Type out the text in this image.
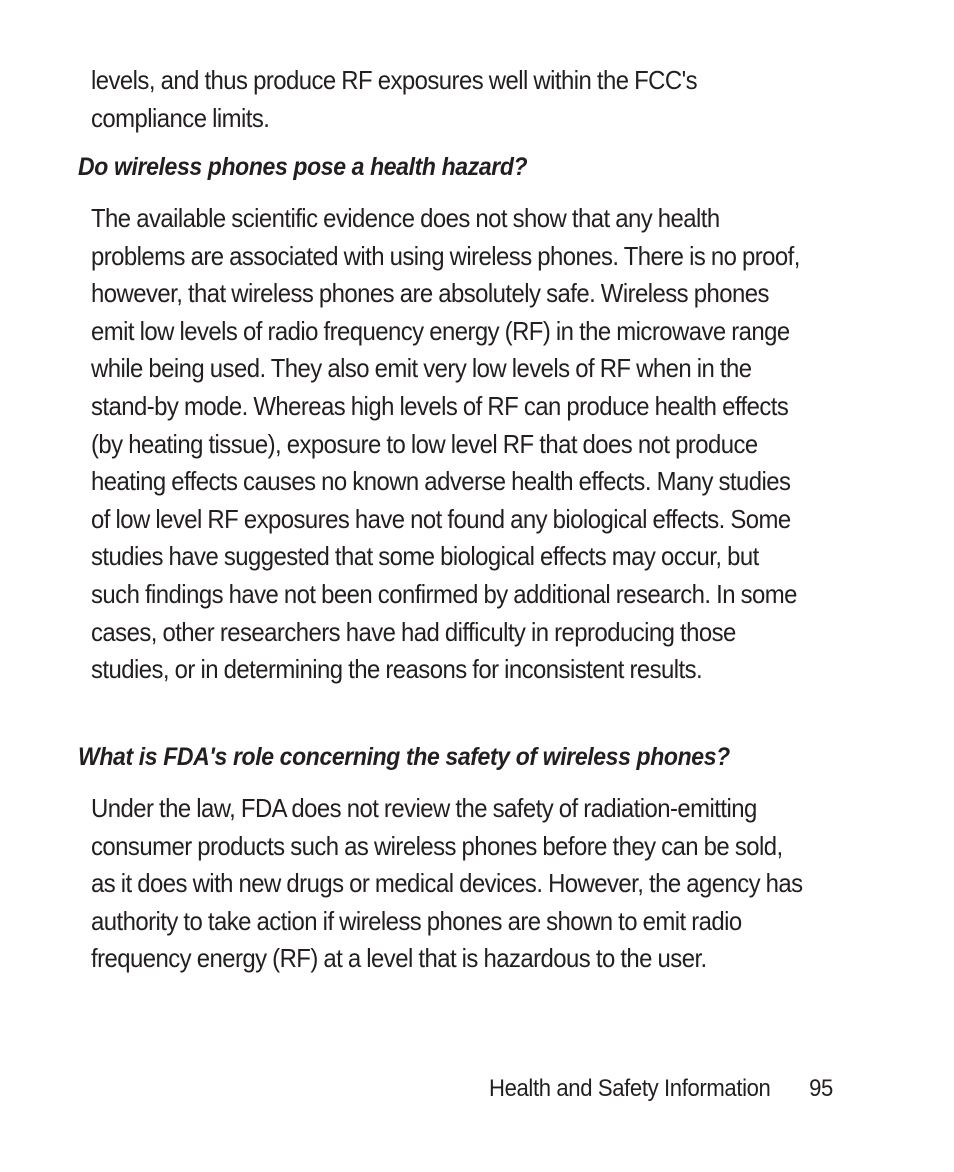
levels, and thus produce RF exposures well within the FCC's compliance limits.

Do wireless phones pose a health hazard?

The available scientific evidence does not show that any health problems are associated with using wireless phones. There is no proof, however, that wireless phones are absolutely safe. Wireless phones emit low levels of radio frequency energy (RF) in the microwave range while being used. They also emit very low levels of RF when in the stand-by mode. Whereas high levels of RF can produce health effects (by heating tissue), exposure to low level RF that does not produce heating effects causes no known adverse health effects. Many studies of low level RF exposures have not found any biological effects. Some studies have suggested that some biological effects may occur, but such findings have not been confirmed by additional research. In some cases, other researchers have had difficulty in reproducing those studies, or in determining the reasons for inconsistent results.

What is FDA's role concerning the safety of wireless phones?

Under the law, FDA does not review the safety of radiation-emitting consumer products such as wireless phones before they can be sold, as it does with new drugs or medical devices. However, the agency has authority to take action if wireless phones are shown to emit radio frequency energy (RF) at a level that is hazardous to the user.

Health and Safety Information 95
